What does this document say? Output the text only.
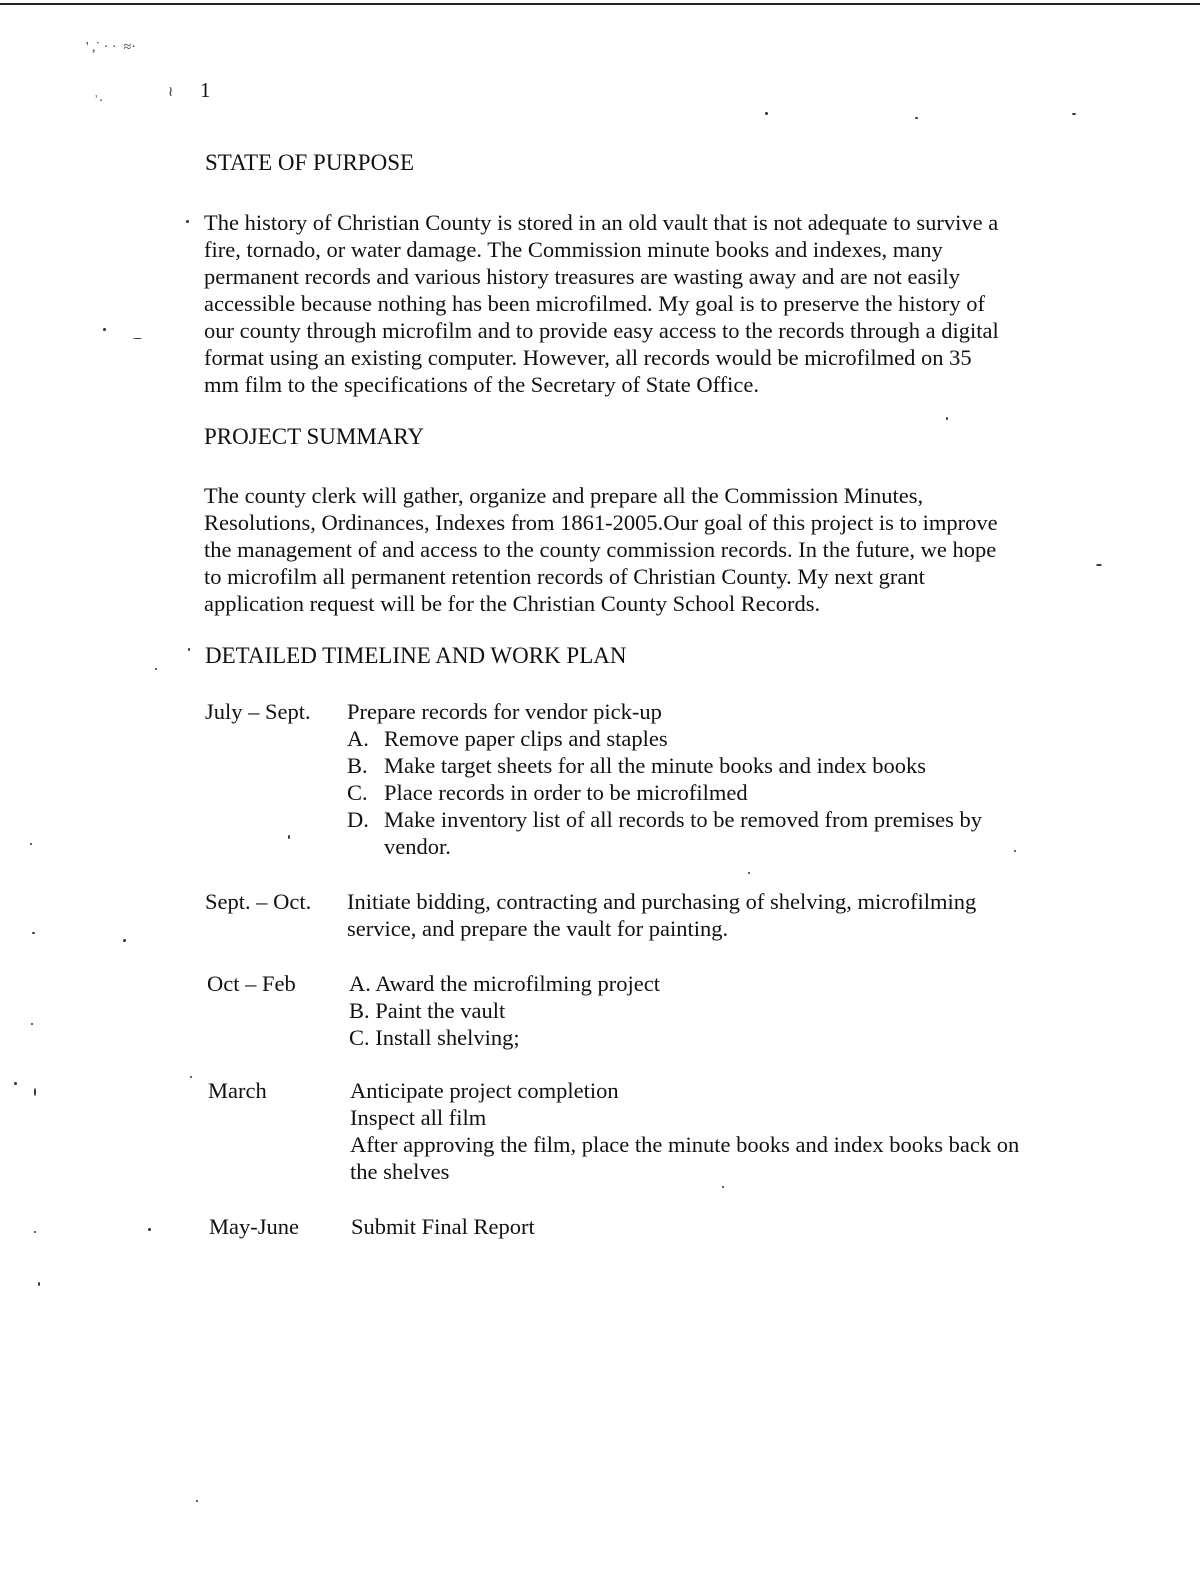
' ,˙ · ·  ≈·
ʾ·
≀ 1
STATE OF PURPOSE
The history of Christian County is stored in an old vault that is not adequate to survive a
fire, tornado, or water damage. The Commission minute books and indexes, many
permanent records and various history treasures are wasting away and are not easily
accessible because nothing has been microfilmed. My goal is to preserve the history of
our county through microfilm and to provide easy access to the records through a digital
format using an existing computer. However, all records would be microfilmed on 35
mm film to the specifications of the Secretary of State Office.
PROJECT SUMMARY
The county clerk will gather, organize and prepare all the Commission Minutes,
Resolutions, Ordinances, Indexes from 1861-2005.Our goal of this project is to improve
the management of and access to the county commission records. In the future, we hope
to microfilm all permanent retention records of Christian County. My next grant
application request will be for the Christian County School Records.
DETAILED TIMELINE AND WORK PLAN
July – Sept. Prepare records for vendor pick-up
A. Remove paper clips and staples
B. Make target sheets for all the minute books and index books
C. Place records in order to be microfilmed
D. Make inventory list of all records to be removed from premises by
vendor.
Sept. – Oct. Initiate bidding, contracting and purchasing of shelving, microfilming
service, and prepare the vault for painting.
Oct – Feb A. Award the microfilming project
B. Paint the vault
C. Install shelving;
March	Anticipate project completion
Inspect all film
After approving the film, place the minute books and index books back on
the shelves
May-June Submit Final Report
